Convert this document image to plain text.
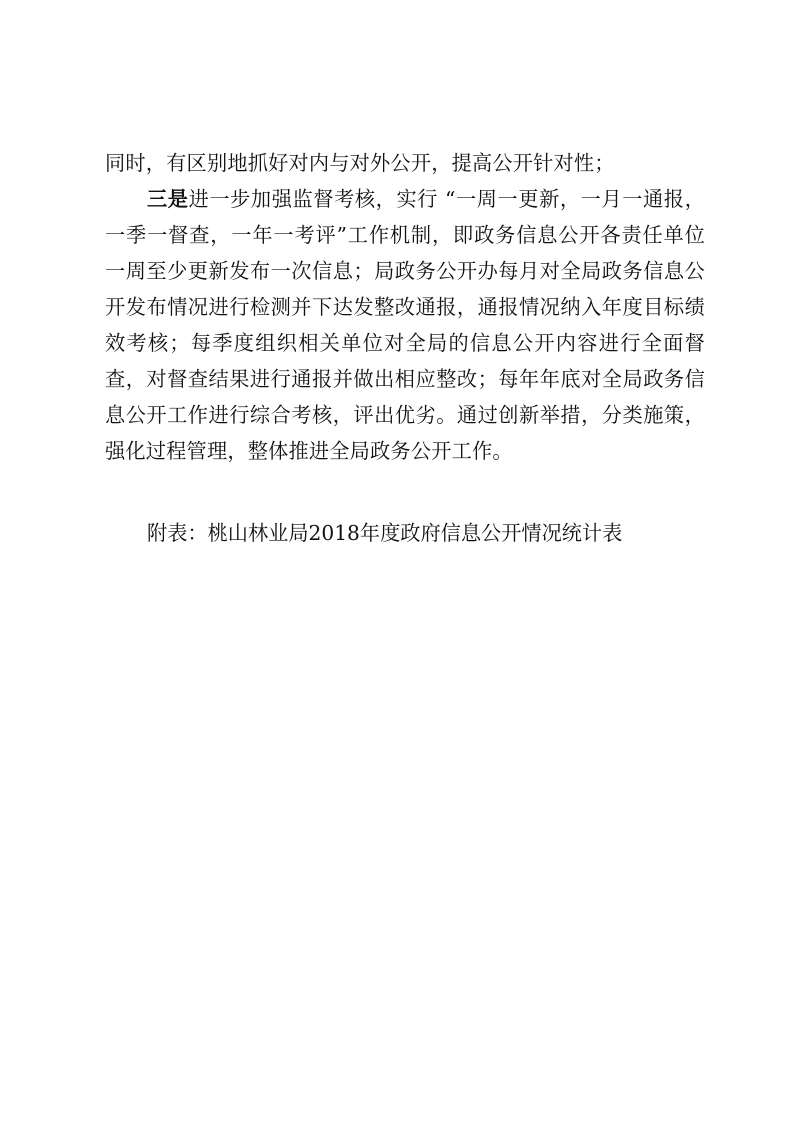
同时，有区别地抓好对内与对外公开，提高公开针对性；

三是进一步加强监督考核，实行 “一周一更新，一月一通报，一季一督查，一年一考评”工作机制，即政务信息公开各责任单位一周至少更新发布一次信息；局政务公开办每月对全局政务信息公开发布情况进行检测并下达发整改通报，通报情况纳入年度目标绩效考核；每季度组织相关单位对全局的信息公开内容进行全面督查，对督查结果进行通报并做出相应整改；每年年底对全局政务信息公开工作进行综合考核，评出优劣。通过创新举措，分类施策，强化过程管理，整体推进全局政务公开工作。

附表：桃山林业局2018年度政府信息公开情况统计表
